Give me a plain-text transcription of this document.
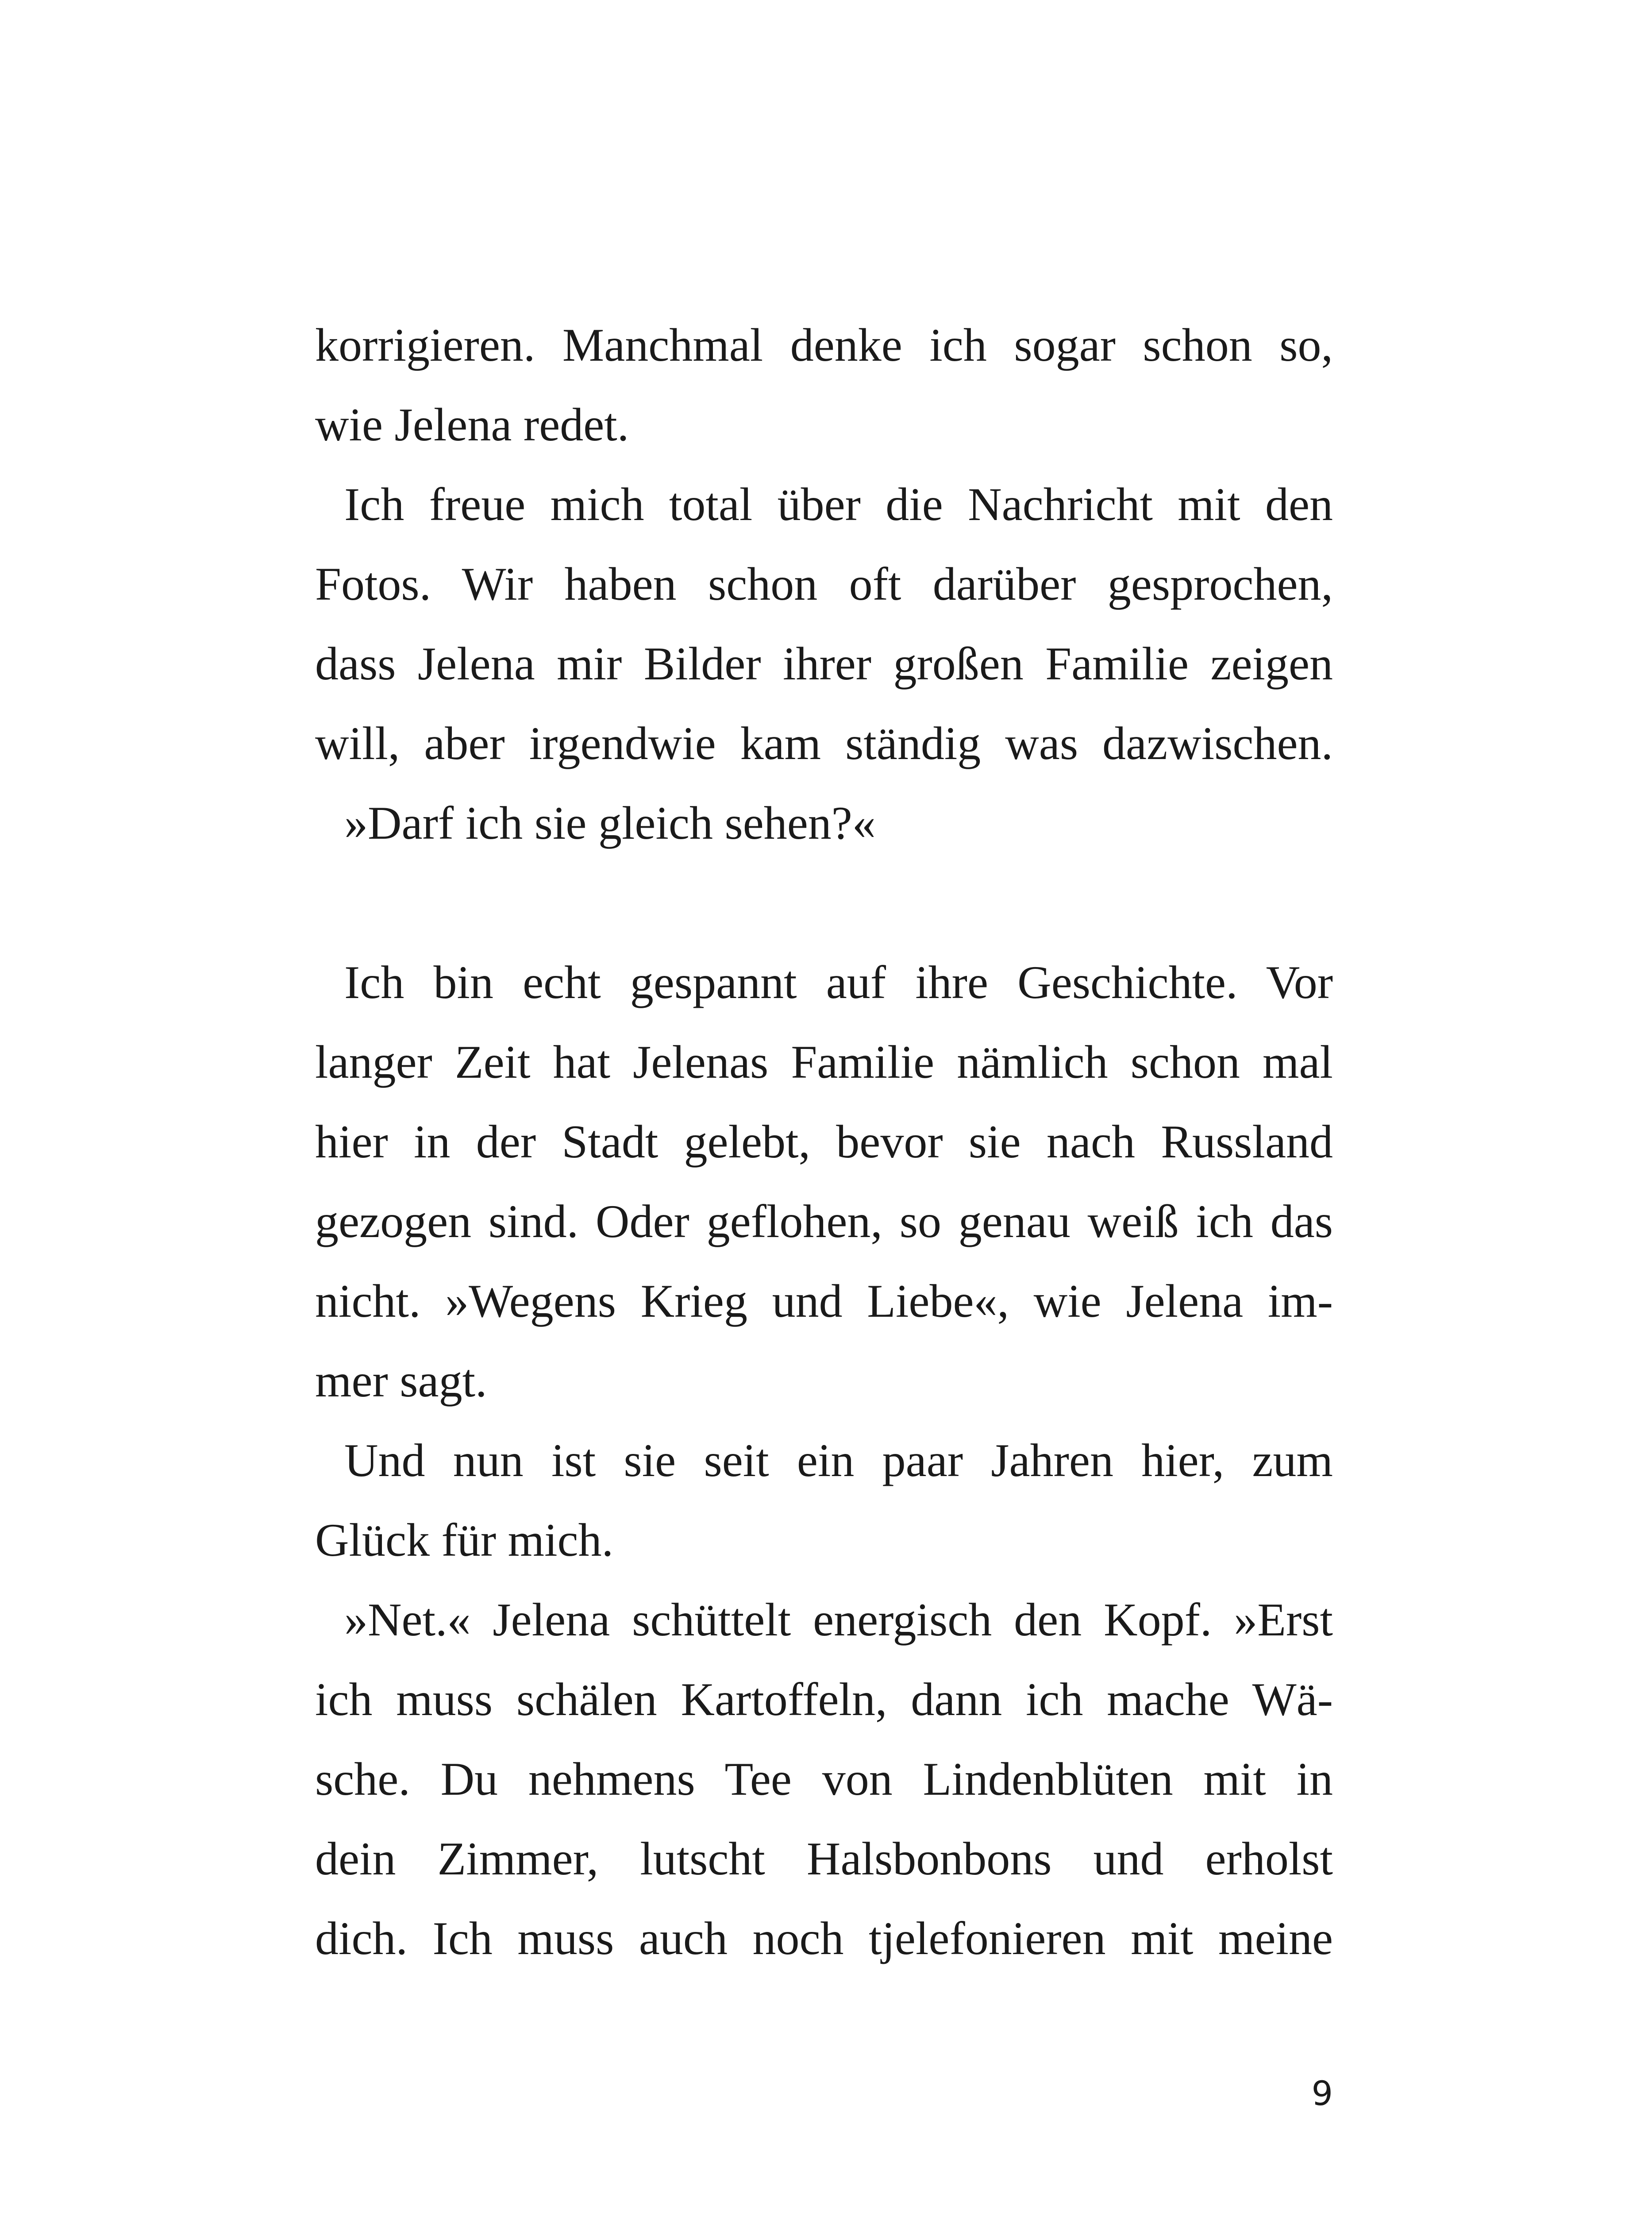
korrigieren. Manchmal denke ich sogar schon so,
wie Jelena redet.
Ich freue mich total über die Nachricht mit den
Fotos. Wir haben schon oft darüber gesprochen,
dass Jelena mir Bilder ihrer großen Familie zeigen
will, aber irgendwie kam ständig was dazwischen.
»Darf ich sie gleich sehen?«
Ich bin echt gespannt auf ihre Geschichte. Vor
langer Zeit hat Jelenas Familie nämlich schon mal
hier in der Stadt gelebt, bevor sie nach Russland
gezogen sind. Oder geflohen, so genau weiß ich das
nicht. »Wegens Krieg und Liebe«, wie Jelena im-
mer sagt.
Und nun ist sie seit ein paar Jahren hier, zum
Glück für mich.
»Net.« Jelena schüttelt energisch den Kopf. »Erst
ich muss schälen Kartoffeln, dann ich mache Wä-
sche. Du nehmens Tee von Lindenblüten mit in
dein Zimmer, lutscht Halsbonbons und erholst
dich. Ich muss auch noch tjelefonieren mit meine
9
